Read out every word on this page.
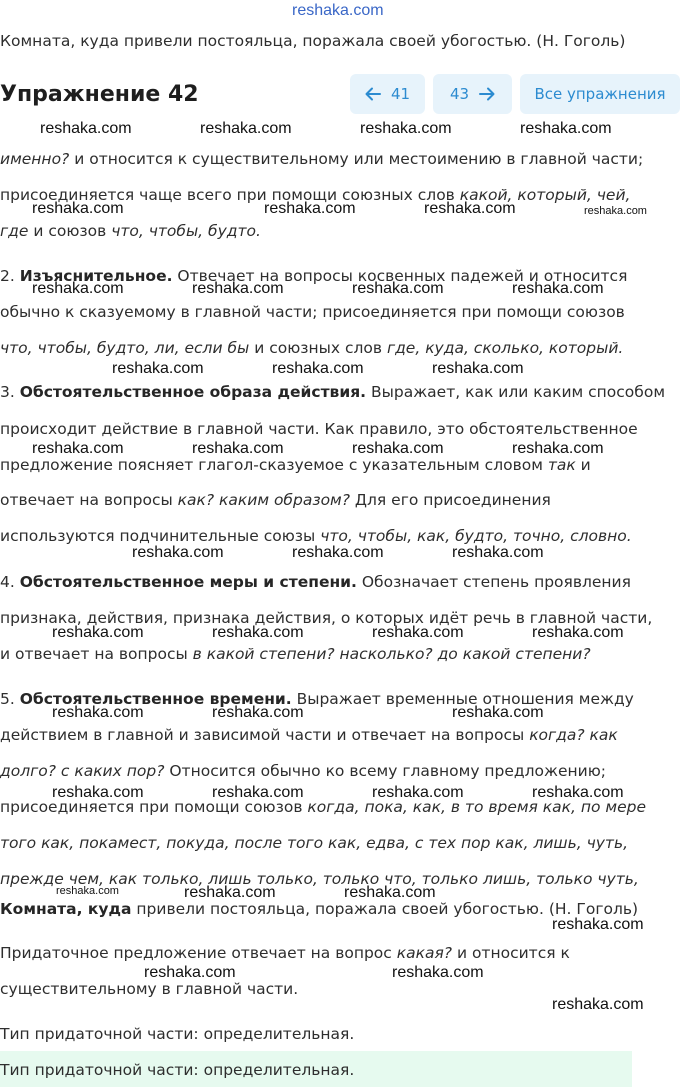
reshaka.com
Комната, куда привели постояльца, поражала своей убогостью. (Н. Гоголь)
Упражнение 42	41	43	Все упражнения
именно? и относится к существительному или местоимению в главной части;
присоединяется чаще всего при помощи союзных слов какой, который, чей,
где и союзов что, чтобы, будто.
2. Изъяснительное. Отвечает на вопросы косвенных падежей и относится
обычно к сказуемому в главной части; присоединяется при помощи союзов
что, чтобы, будто, ли, если бы и союзных слов где, куда, сколько, который.
3. Обстоятельственное образа действия. Выражает, как или каким способом
происходит действие в главной части. Как правило, это обстоятельственное
предложение поясняет глагол-сказуемое с указательным словом так и
отвечает на вопросы как? каким образом? Для его присоединения
используются подчинительные союзы что, чтобы, как, будто, точно, словно.
4. Обстоятельственное меры и степени. Обозначает степень проявления
признака, действия, признака действия, о которых идёт речь в главной части,
и отвечает на вопросы в какой степени? насколько? до какой степени?
5. Обстоятельственное времени. Выражает временные отношения между
действием в главной и зависимой части и отвечает на вопросы когда? как
долго? с каких пор? Относится обычно ко всему главному предложению;
присоединяется при помощи союзов когда, пока, как, в то время как, по мере
того как, покамест, покуда, после того как, едва, с тех пор как, лишь, чуть,
прежде чем, как только, лишь только, только что, только лишь, только чуть,
Комната, куда привели постояльца, поражала своей убогостью. (Н. Гоголь)
Придаточное предложение отвечает на вопрос какая? и относится к
существительному в главной части.
Тип придаточной части: определительная.
Тип придаточной части: определительная.
reshaka.com	reshaka.com	reshaka.com	reshaka.com
reshaka.com	reshaka.com	reshaka.com	reshaka.com
reshaka.com	reshaka.com	reshaka.com	reshaka.com
reshaka.com	reshaka.com	reshaka.com
reshaka.com	reshaka.com	reshaka.com	reshaka.com
reshaka.com	reshaka.com	reshaka.com
reshaka.com	reshaka.com	reshaka.com	reshaka.com
reshaka.com	reshaka.com	reshaka.com
reshaka.com	reshaka.com	reshaka.com	reshaka.com
reshaka.com	reshaka.com	reshaka.com
reshaka.com
reshaka.com	reshaka.com
reshaka.com
